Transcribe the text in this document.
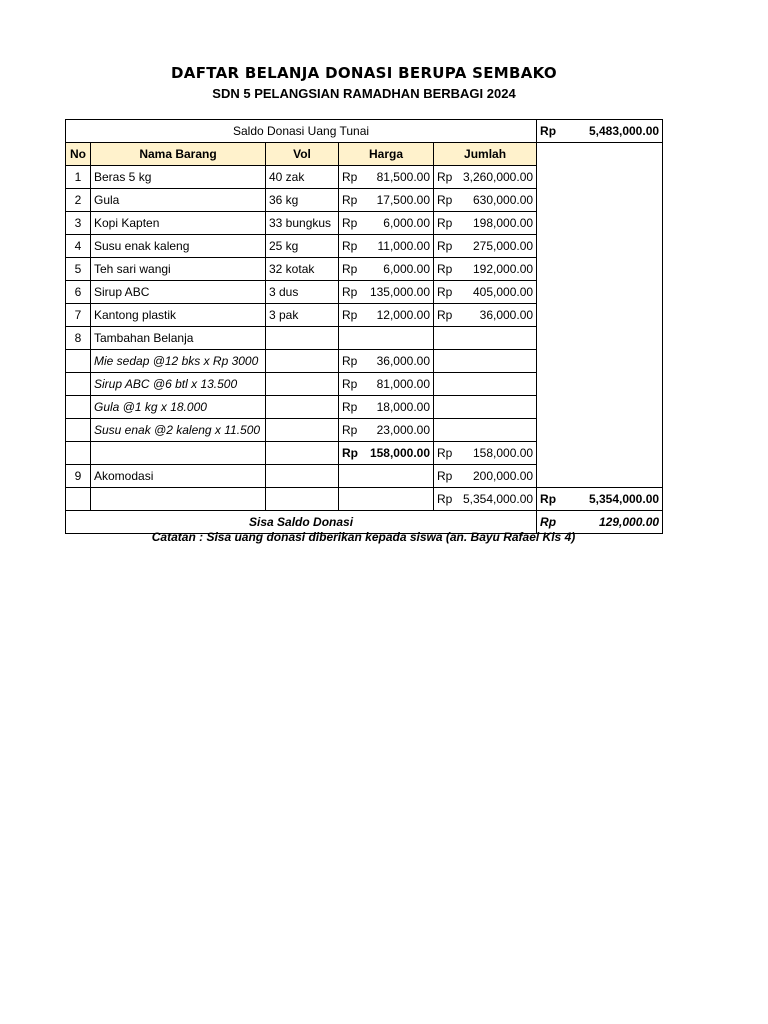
DAFTAR BELANJA DONASI BERUPA SEMBAKO
SDN 5 PELANGSIAN RAMADHAN BERBAGI 2024
Saldo Donasi Uang Tunai					Rp 5,483,000.00

No	Nama Barang	Vol	Harga	Jumlah	
1	Beras 5 kg	40 zak	Rp 81,500.00	Rp 3,260,000.00	

2	Gula	36 kg	Rp 17,500.00	Rp 630,000.00	

3	Kopi Kapten	33 bungkus	Rp 6,000.00	Rp 198,000.00	

4	Susu enak kaleng	25 kg	Rp 11,000.00	Rp 275,000.00	

5	Teh sari wangi	32 kotak	Rp 6,000.00	Rp 192,000.00	

6	Sirup ABC	3 dus	Rp 135,000.00	Rp 405,000.00	

7	Kantong plastik	3 pak	Rp 12,000.00	Rp 36,000.00	

8	Tambahan Belanja				
	Mie sedap @12 bks x Rp 3000		Rp 36,000.00		

	Sirup ABC @6 btl x 13.500		Rp 81,000.00		

	Gula @1 kg x 18.000		Rp 18,000.00		

	Susu enak @2 kaleng x 11.500		Rp 23,000.00		

			Rp 158,000.00	Rp 158,000.00	

9	Akomodasi			Rp 200,000.00	

				Rp 5,354,000.00	Rp 5,354,000.00

Sisa Saldo Donasi					Rp 129,000.00
Catatan : Sisa uang donasi diberikan kepada siswa (an. Bayu Rafael Kls 4)
